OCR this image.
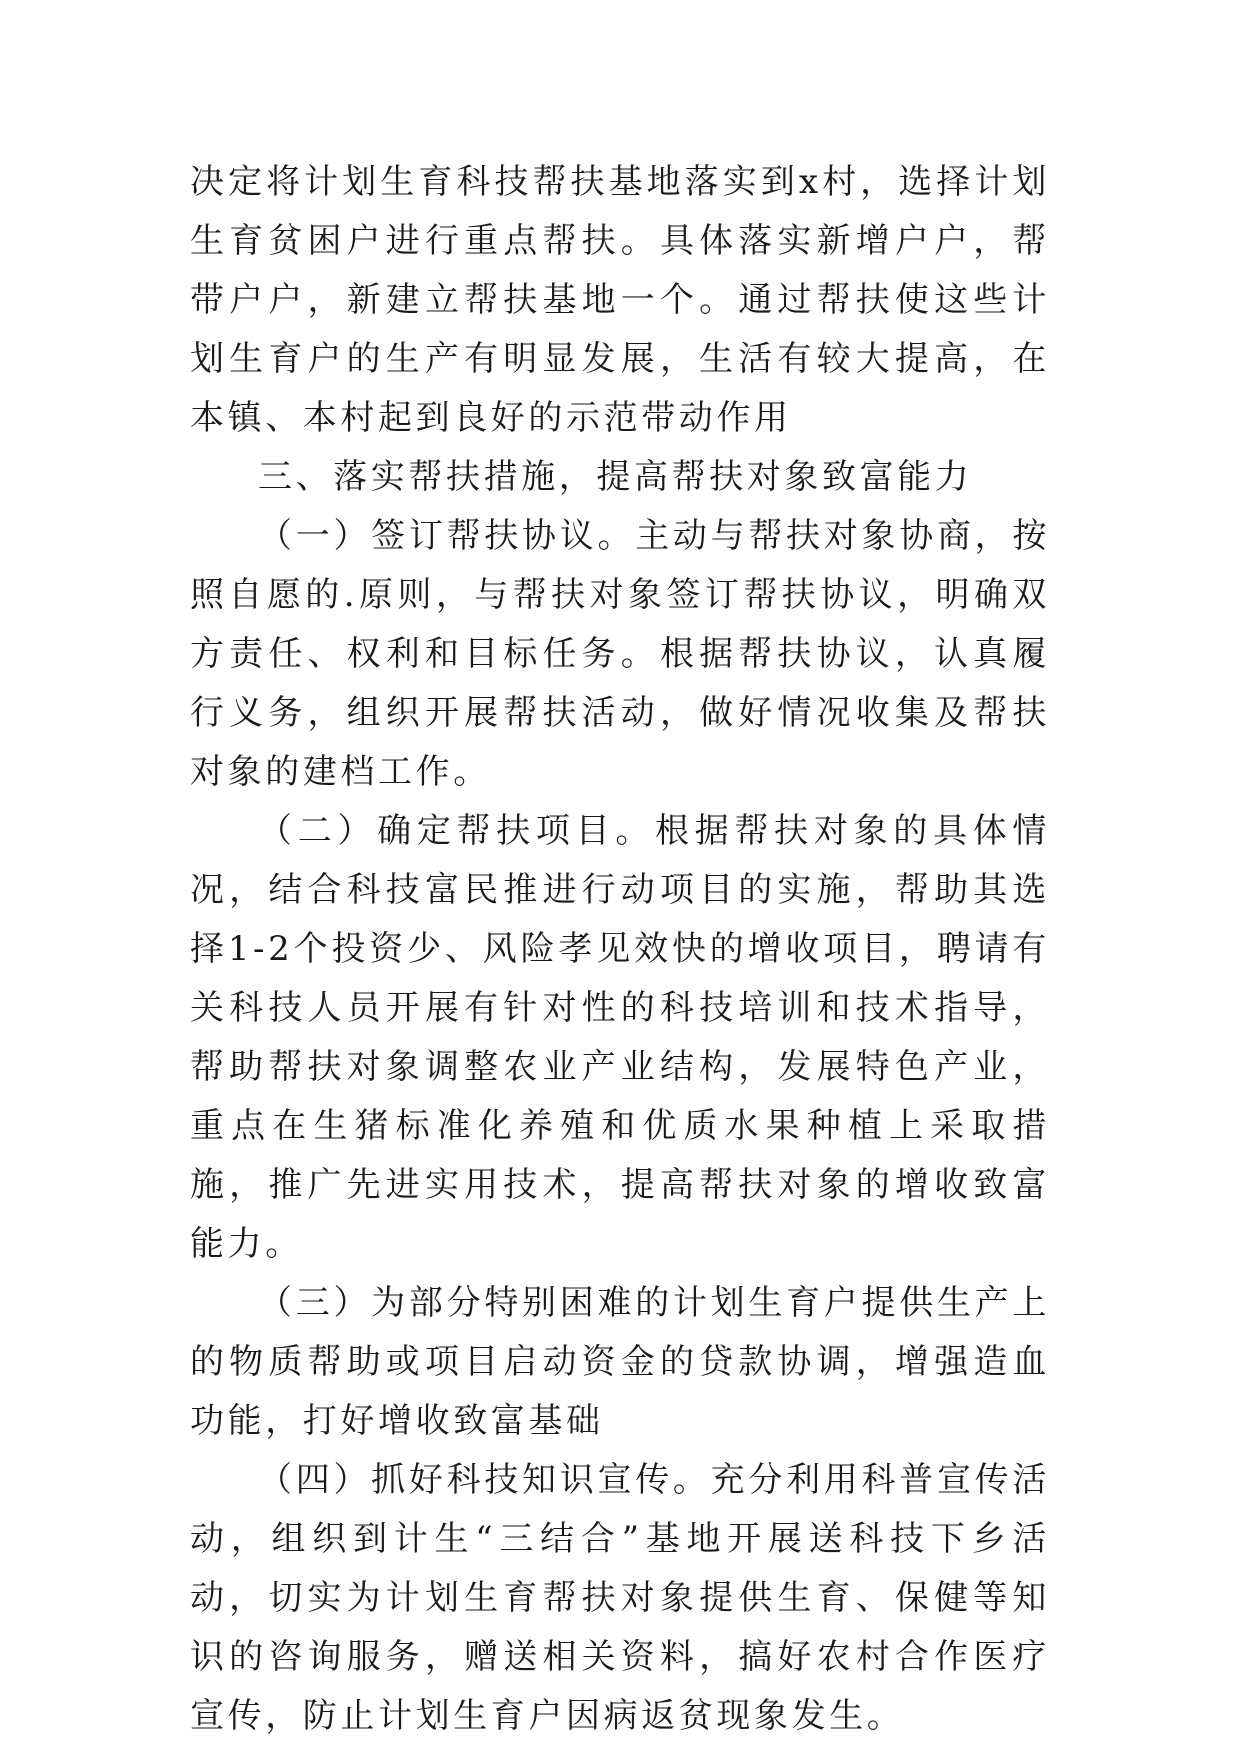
决定将计划生育科技帮扶基地落实到x村，选择计划生育贫困户进行重点帮扶。具体落实新增户户，帮带户户，新建立帮扶基地一个。通过帮扶使这些计划生育户的生产有明显发展，生活有较大提高，在本镇、本村起到良好的示范带动作用

三、落实帮扶措施，提高帮扶对象致富能力

（一）签订帮扶协议。主动与帮扶对象协商，按照自愿的.原则，与帮扶对象签订帮扶协议，明确双方责任、权利和目标任务。根据帮扶协议，认真履行义务，组织开展帮扶活动，做好情况收集及帮扶对象的建档工作。

（二）确定帮扶项目。根据帮扶对象的具体情况，结合科技富民推进行动项目的实施，帮助其选择1-2个投资少、风险孝见效快的增收项目，聘请有关科技人员开展有针对性的科技培训和技术指导，帮助帮扶对象调整农业产业结构，发展特色产业，重点在生猪标准化养殖和优质水果种植上采取措施，推广先进实用技术，提高帮扶对象的增收致富能力。

（三）为部分特别困难的计划生育户提供生产上的物质帮助或项目启动资金的贷款协调，增强造血功能，打好增收致富基础

（四）抓好科技知识宣传。充分利用科普宣传活动，组织到计生“三结合”基地开展送科技下乡活动，切实为计划生育帮扶对象提供生育、保健等知识的咨询服务，赠送相关资料，搞好农村合作医疗宣传，防止计划生育户因病返贫现象发生。
